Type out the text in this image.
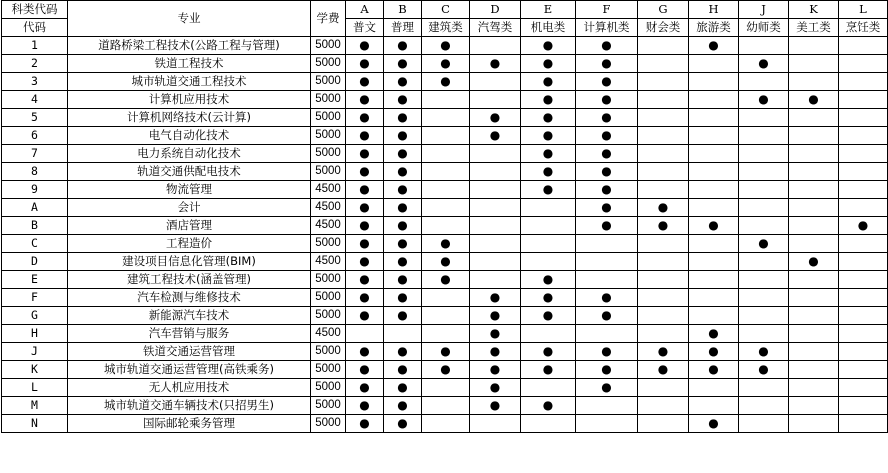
科类代码	专业	学费	A	B	C	D	E	F	G	H	J	K	L
代码			普文	普理	建筑类	汽驾类	机电类	计算机类	财会类	旅游类	幼师类	美工类	烹饪类
1	道路桥梁工程技术(公路工程与管理)	5000	●	●	●		●	●		●			
2	铁道工程技术	5000	●	●	●	●	●	●			●		
3	城市轨道交通工程技术	5000	●	●	●		●	●					
4	计算机应用技术	5000	●	●			●	●			●	●	
5	计算机网络技术(云计算)	5000	●	●		●	●	●					
6	电气自动化技术	5000	●	●		●	●	●					
7	电力系统自动化技术	5000	●	●			●	●					
8	轨道交通供配电技术	5000	●	●			●	●					
9	物流管理	4500	●	●			●	●					
A	会计	4500	●	●				●	●				
B	酒店管理	4500	●	●				●	●	●			●
C	工程造价	5000	●	●	●						●		
D	建设项目信息化管理(BIM)	4500	●	●	●							●	
E	建筑工程技术(涵盖管理)	5000	●	●	●		●						
F	汽车检测与维修技术	5000	●	●		●	●	●					
G	新能源汽车技术	5000	●	●		●	●	●					
H	汽车营销与服务	4500				●				●			
J	铁道交通运营管理	5000	●	●	●	●	●	●	●	●	●		
K	城市轨道交通运营管理(高铁乘务)	5000	●	●	●	●	●	●	●	●	●		
L	无人机应用技术	5000	●	●		●		●					
M	城市轨道交通车辆技术(只招男生)	5000	●	●		●	●						
N	国际邮轮乘务管理	5000	●	●						●			
